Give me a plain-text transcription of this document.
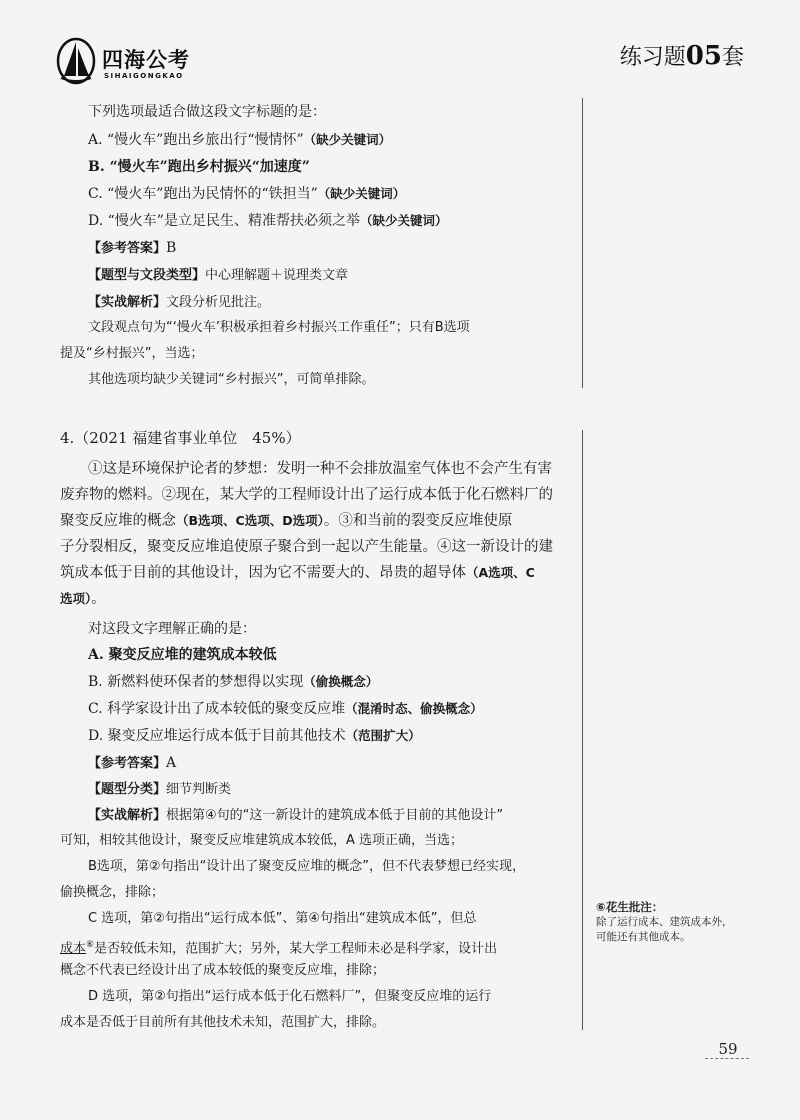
四海公考
SIHAIGONGKAO
练习题05套
下列选项最适合做这段文字标题的是：
A. “慢火车”跑出乡旅出行“慢情怀”（缺少关键词）
B. “慢火车”跑出乡村振兴“加速度”
C. “慢火车”跑出为民情怀的“铁担当”（缺少关键词）
D. “慢火车”是立足民生、精准帮扶必须之举（缺少关键词）
【参考答案】B
【题型与文段类型】中心理解题＋说理类文章
【实战解析】文段分析见批注。
文段观点句为“‘慢火车’积极承担着乡村振兴工作重任”；只有B选项
提及“乡村振兴”，当选；
其他选项均缺少关键词“乡村振兴”，可简单排除。
4.（2021 福建省事业单位　45%）
①这是环境保护论者的梦想：发明一种不会排放温室气体也不会产生有害
废弃物的燃料。②现在，某大学的工程师设计出了运行成本低于化石燃料厂的
聚变反应堆的概念（B选项、C选项、D选项）。③和当前的裂变反应堆使原
子分裂相反，聚变反应堆追使原子聚合到一起以产生能量。④这一新设计的建
筑成本低于目前的其他设计，因为它不需要大的、昂贵的超导体（A选项、C
选项）。
对这段文字理解正确的是：
A. 聚变反应堆的建筑成本较低
B. 新燃料使环保者的梦想得以实现（偷换概念）
C. 科学家设计出了成本较低的聚变反应堆（混淆时态、偷换概念）
D. 聚变反应堆运行成本低于目前其他技术（范围扩大）
【参考答案】A
【题型分类】细节判断类
【实战解析】根据第④句的“这一新设计的建筑成本低于目前的其他设计”
可知，相较其他设计，聚变反应堆建筑成本较低，A 选项正确，当选；
B选项，第②句指出“设计出了聚变反应堆的概念”，但不代表梦想已经实现，
偷换概念，排除；
C 选项，第②句指出“运行成本低”、第④句指出“建筑成本低”，但总
成本⑥是否较低未知，范围扩大；另外，某大学工程师未必是科学家，设计出
概念不代表已经设计出了成本较低的聚变反应堆，排除；
D 选项，第②句指出“运行成本低于化石燃料厂”，但聚变反应堆的运行
成本是否低于目前所有其他技术未知，范围扩大，排除。
⑥花生批注：
除了运行成本、建筑成本外，
可能还有其他成本。
59
